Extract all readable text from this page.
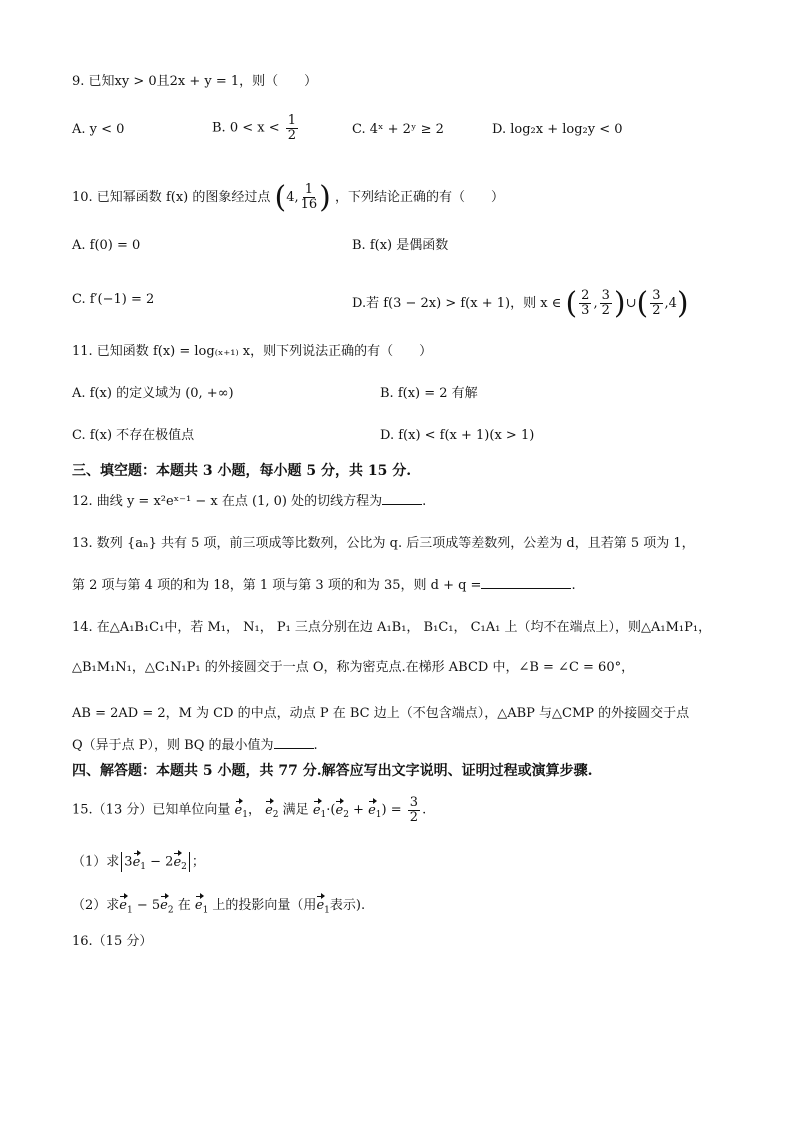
9. 已知xy > 0且2x + y = 1，则（　　）
A. y < 0	B. $0 < x < \frac{1}{2}$	C. 4ˣ + 2ʸ ≥ 2	D. log₂x + log₂y < 0
10. 已知幂函数 f(x) 的图象经过点 (4, $\frac{1}{16}$ ) ，下列结论正确的有（　　）
A. f(0) = 0	B. f(x) 是偶函数
C. f′(−1) = 2	D.若 f(3 − 2x) > f(x + 1)，则 x ∈ ( $\frac{2}{3}$ , $\frac{3}{2}$ )∪( $\frac{3}{2} ,4$)
11. 已知函数 f(x) = log₍ₓ₊₁₎ x，则下列说法正确的有（　　）
A. f(x) 的定义域为 (0, +∞)	B. f(x) = 2 有解
C. f(x) 不存在极值点	D. f(x) < f(x + 1)(x > 1)
三、填空题：本题共 3 小题，每小题 5 分，共 15 分.
12. 曲线 y = x²eˣ⁻¹ − x 在点 (1, 0) 处的切线方程为	.
13. 数列 {aₙ} 共有 5 项，前三项成等比数列，公比为 q. 后三项成等差数列，公差为 d，且若第 5 项为 1，
第 2 项与第 4 项的和为 18，第 1 项与第 3 项的和为 35，则 d + q =	.
14. 在△A₁B₁C₁中，若 M₁， N₁， P₁ 三点分别在边 A₁B₁， B₁C₁， C₁A₁ 上（均不在端点上），则△A₁M₁P₁，
△B₁M₁N₁，△C₁N₁P₁ 的外接圆交于一点 O，称为密克点.在梯形 ABCD 中，∠B = ∠C = 60°，
AB = 2AD = 2，M 为 CD 的中点，动点 P 在 BC 边上（不包含端点），△ABP 与△CMP 的外接圆交于点
Q（异于点 P），则 BQ 的最小值为	.
四、解答题：本题共 5 小题，共 77 分.解答应写出文字说明、证明过程或演算步骤.
15.（13 分）已知单位向量 $e_1$， $e_2$ 满足 $e_1\cdot(e_2 + e_1) = \frac{3}{2}$ .
（1）求 $3e_1 - 2e_2$ ；
（2）求$e_1 - 5e_2$ 在 $e_1$ 上的投影向量（用$e_1$表示).
16.（15 分）
